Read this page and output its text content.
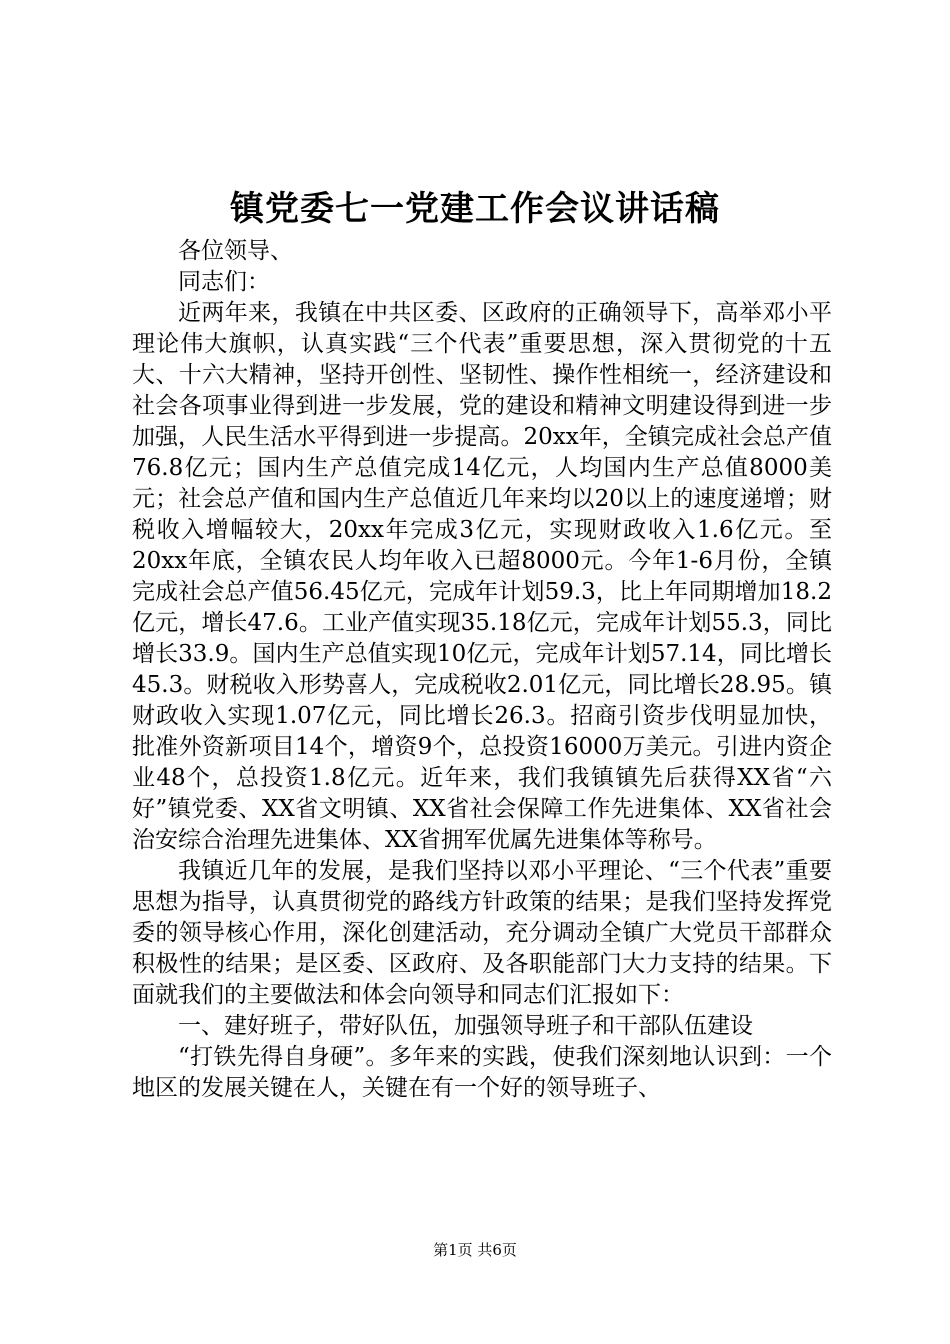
镇党委七一党建工作会议讲话稿

各位领导、

同志们：

近两年来，我镇在中共区委、区政府的正确领导下，高举邓小平理论伟大旗帜，认真实践“三个代表”重要思想，深入贯彻党的十五大、十六大精神，坚持开创性、坚韧性、操作性相统一，经济建设和社会各项事业得到进一步发展，党的建设和精神文明建设得到进一步加强，人民生活水平得到进一步提高。20xx年，全镇完成社会总产值76.8亿元；国内生产总值完成14亿元，人均国内生产总值8000美元；社会总产值和国内生产总值近几年来均以20以上的速度递增；财税收入增幅较大，20xx年完成3亿元，实现财政收入1.6亿元。至20xx年底，全镇农民人均年收入已超8000元。今年1-6月份，全镇完成社会总产值56.45亿元，完成年计划59.3，比上年同期增加18.2亿元，增长47.6。工业产值实现35.18亿元，完成年计划55.3，同比增长33.9。国内生产总值实现10亿元，完成年计划57.14，同比增长45.3。财税收入形势喜人，完成税收2.01亿元，同比增长28.95。镇财政收入实现1.07亿元，同比增长26.3。招商引资步伐明显加快，批准外资新项目14个，增资9个，总投资16000万美元。引进内资企业48个，总投资1.8亿元。近年来，我们我镇镇先后获得XX省“六好”镇党委、XX省文明镇、XX省社会保障工作先进集体、XX省社会治安综合治理先进集体、XX省拥军优属先进集体等称号。

我镇近几年的发展，是我们坚持以邓小平理论、“三个代表”重要思想为指导，认真贯彻党的路线方针政策的结果；是我们坚持发挥党委的领导核心作用，深化创建活动，充分调动全镇广大党员干部群众积极性的结果；是区委、区政府、及各职能部门大力支持的结果。下面就我们的主要做法和体会向领导和同志们汇报如下：

一、建好班子，带好队伍，加强领导班子和干部队伍建设

“打铁先得自身硬”。多年来的实践，使我们深刻地认识到：一个地区的发展关键在人，关键在有一个好的领导班子、

第1页 共6页
